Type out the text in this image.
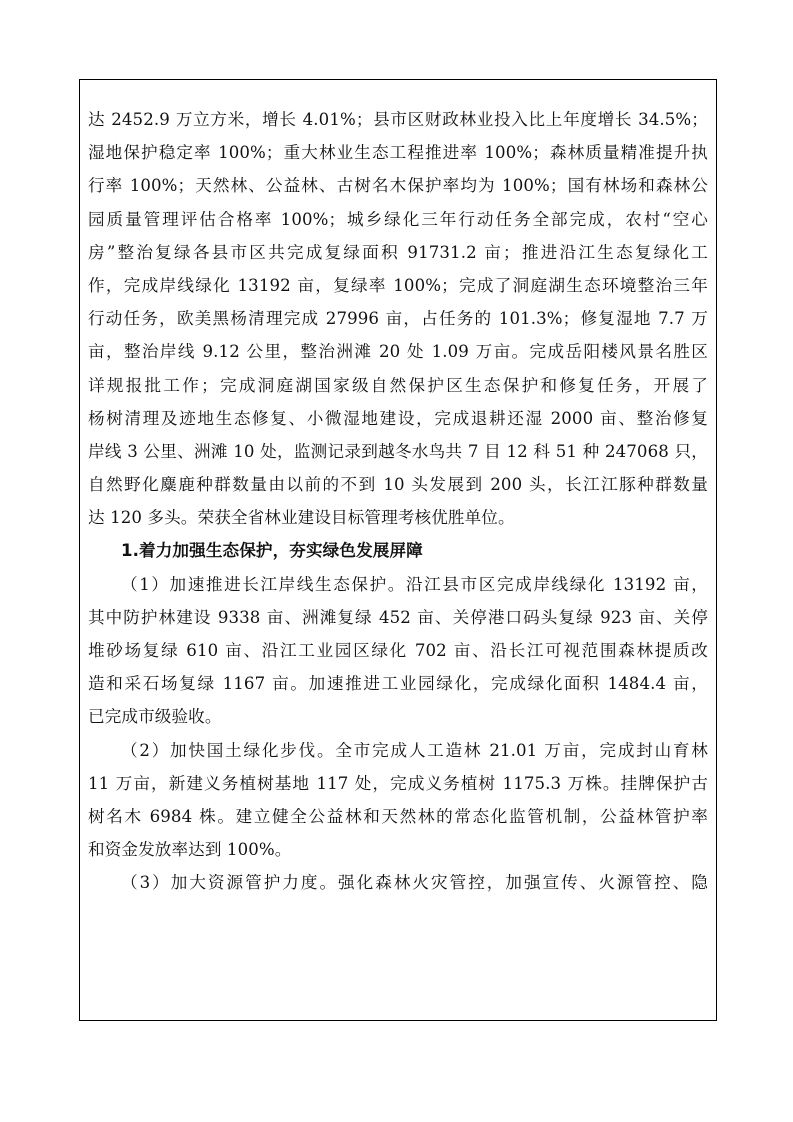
达 2452.9 万立方米，增长 4.01%；县市区财政林业投入比上年度增长 34.5%；
湿地保护稳定率 100%；重大林业生态工程推进率 100%；森林质量精准提升执
行率 100%；天然林、公益林、古树名木保护率均为 100%；国有林场和森林公
园质量管理评估合格率 100%；城乡绿化三年行动任务全部完成，农村“空心
房”整治复绿各县市区共完成复绿面积 91731.2 亩；推进沿江生态复绿化工
作，完成岸线绿化 13192 亩，复绿率 100%；完成了洞庭湖生态环境整治三年
行动任务，欧美黑杨清理完成 27996 亩，占任务的 101.3%；修复湿地 7.7 万
亩，整治岸线 9.12 公里，整治洲滩 20 处 1.09 万亩。完成岳阳楼风景名胜区
详规报批工作；完成洞庭湖国家级自然保护区生态保护和修复任务，开展了
杨树清理及迹地生态修复、小微湿地建设，完成退耕还湿 2000 亩、整治修复
岸线 3 公里、洲滩 10 处，监测记录到越冬水鸟共 7 目 12 科 51 种 247068 只，
自然野化麋鹿种群数量由以前的不到 10 头发展到 200 头，长江江豚种群数量
达 120 多头。荣获全省林业建设目标管理考核优胜单位。
1.着力加强生态保护，夯实绿色发展屏障
（1）加速推进长江岸线生态保护。沿江县市区完成岸线绿化 13192 亩，
其中防护林建设 9338 亩、洲滩复绿 452 亩、关停港口码头复绿 923 亩、关停
堆砂场复绿 610 亩、沿江工业园区绿化 702 亩、沿长江可视范围森林提质改
造和采石场复绿 1167 亩。加速推进工业园绿化，完成绿化面积 1484.4 亩，
已完成市级验收。
（2）加快国土绿化步伐。全市完成人工造林 21.01 万亩，完成封山育林
11 万亩，新建义务植树基地 117 处，完成义务植树 1175.3 万株。挂牌保护古
树名木 6984 株。建立健全公益林和天然林的常态化监管机制，公益林管护率
和资金发放率达到 100%。
（3）加大资源管护力度。强化森林火灾管控，加强宣传、火源管控、隐
